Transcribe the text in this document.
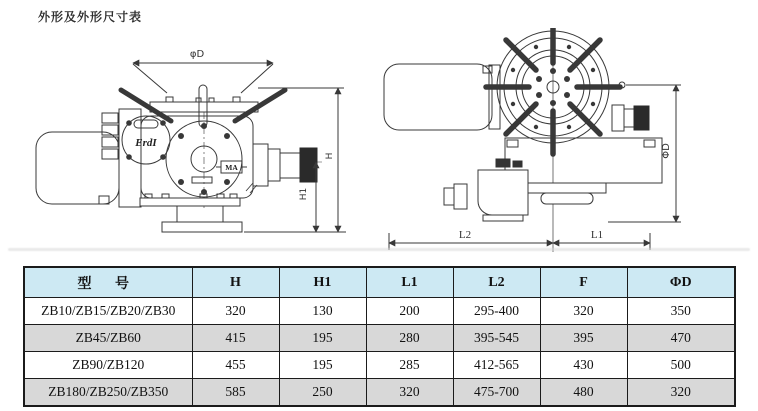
外形及外形尺寸表
φD
MA
ErdI
H
H1
ΦD
L2	L1
型 号	H	H1	L1	L2	F	ΦD
ZB10/ZB15/ZB20/ZB30	320	130	200	295-400	320	350
ZB45/ZB60	415	195	280	395-545	395	470
ZB90/ZB120	455	195	285	412-565	430	500
ZB180/ZB250/ZB350	585	250	320	475-700	480	320
